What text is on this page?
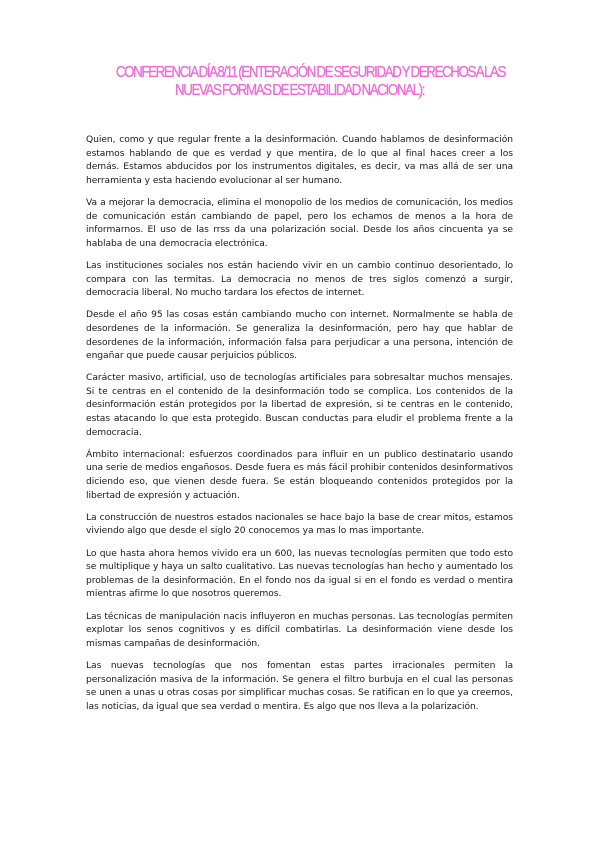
CONFERENCIA DÍA 8/11 (ENTERACIÓN DE SEGURIDAD Y DERECHOS A LAS
NUEVAS FORMAS DE ESTABILIDAD NACIONAL):

Quien, como y que regular frente a la desinformación. Cuando hablamos de desinformación estamos hablando de que es verdad y que mentira, de lo que al final haces creer a los demás. Estamos abducidos por los instrumentos digitales, es decir, va mas allá de ser una herramienta y esta haciendo evolucionar al ser humano.

Va a mejorar la democracia, elimina el monopolio de los medios de comunicación, los medios de comunicación están cambiando de papel, pero los echamos de menos a la hora de informarnos. El uso de las rrss da una polarización social. Desde los años cincuenta ya se hablaba de una democracia electrónica.

Las instituciones sociales nos están haciendo vivir en un cambio continuo desorientado, lo compara con las termitas. La democracia no menos de tres siglos comenzó a surgir, democracia liberal. No mucho tardara los efectos de internet.

Desde el año 95 las cosas están cambiando mucho con internet. Normalmente se habla de desordenes de la información. Se generaliza la desinformación, pero hay que hablar de desordenes de la información, información falsa para perjudicar a una persona, intención de engañar que puede causar perjuicios públicos.

Carácter masivo, artificial, uso de tecnologías artificiales para sobresaltar muchos mensajes. Si te centras en el contenido de la desinformación todo se complica. Los contenidos de la desinformación están protegidos por la libertad de expresión, si te centras en le contenido, estas atacando lo que esta protegido. Buscan conductas para eludir el problema frente a la democracia.

Ámbito internacional: esfuerzos coordinados para influir en un publico destinatario usando una serie de medios engañosos. Desde fuera es más fácil prohibir contenidos desinformativos diciendo eso, que vienen desde fuera. Se están bloqueando contenidos protegidos por la libertad de expresión y actuación.

La construcción de nuestros estados nacionales se hace bajo la base de crear mitos, estamos viviendo algo que desde el siglo 20 conocemos ya mas lo mas importante.

Lo que hasta ahora hemos vivido era un 600, las nuevas tecnologías permiten que todo esto se multiplique y haya un salto cualitativo. Las nuevas tecnologías han hecho y aumentado los problemas de la desinformación. En el fondo nos da igual si en el fondo es verdad o mentira mientras afirme lo que nosotros queremos.

Las técnicas de manipulación nacis influyeron en muchas personas. Las tecnologías permiten explotar los senos cognitivos y es difícil combatirlas. La desinformación viene desde los mismas campañas de desinformación.

Las nuevas tecnologías que nos fomentan estas partes irracionales permiten la personalización masiva de la información. Se genera el filtro burbuja en el cual las personas se unen a unas u otras cosas por simplificar muchas cosas. Se ratifican en lo que ya creemos, las noticias, da igual que sea verdad o mentira. Es algo que nos lleva a la polarización.
